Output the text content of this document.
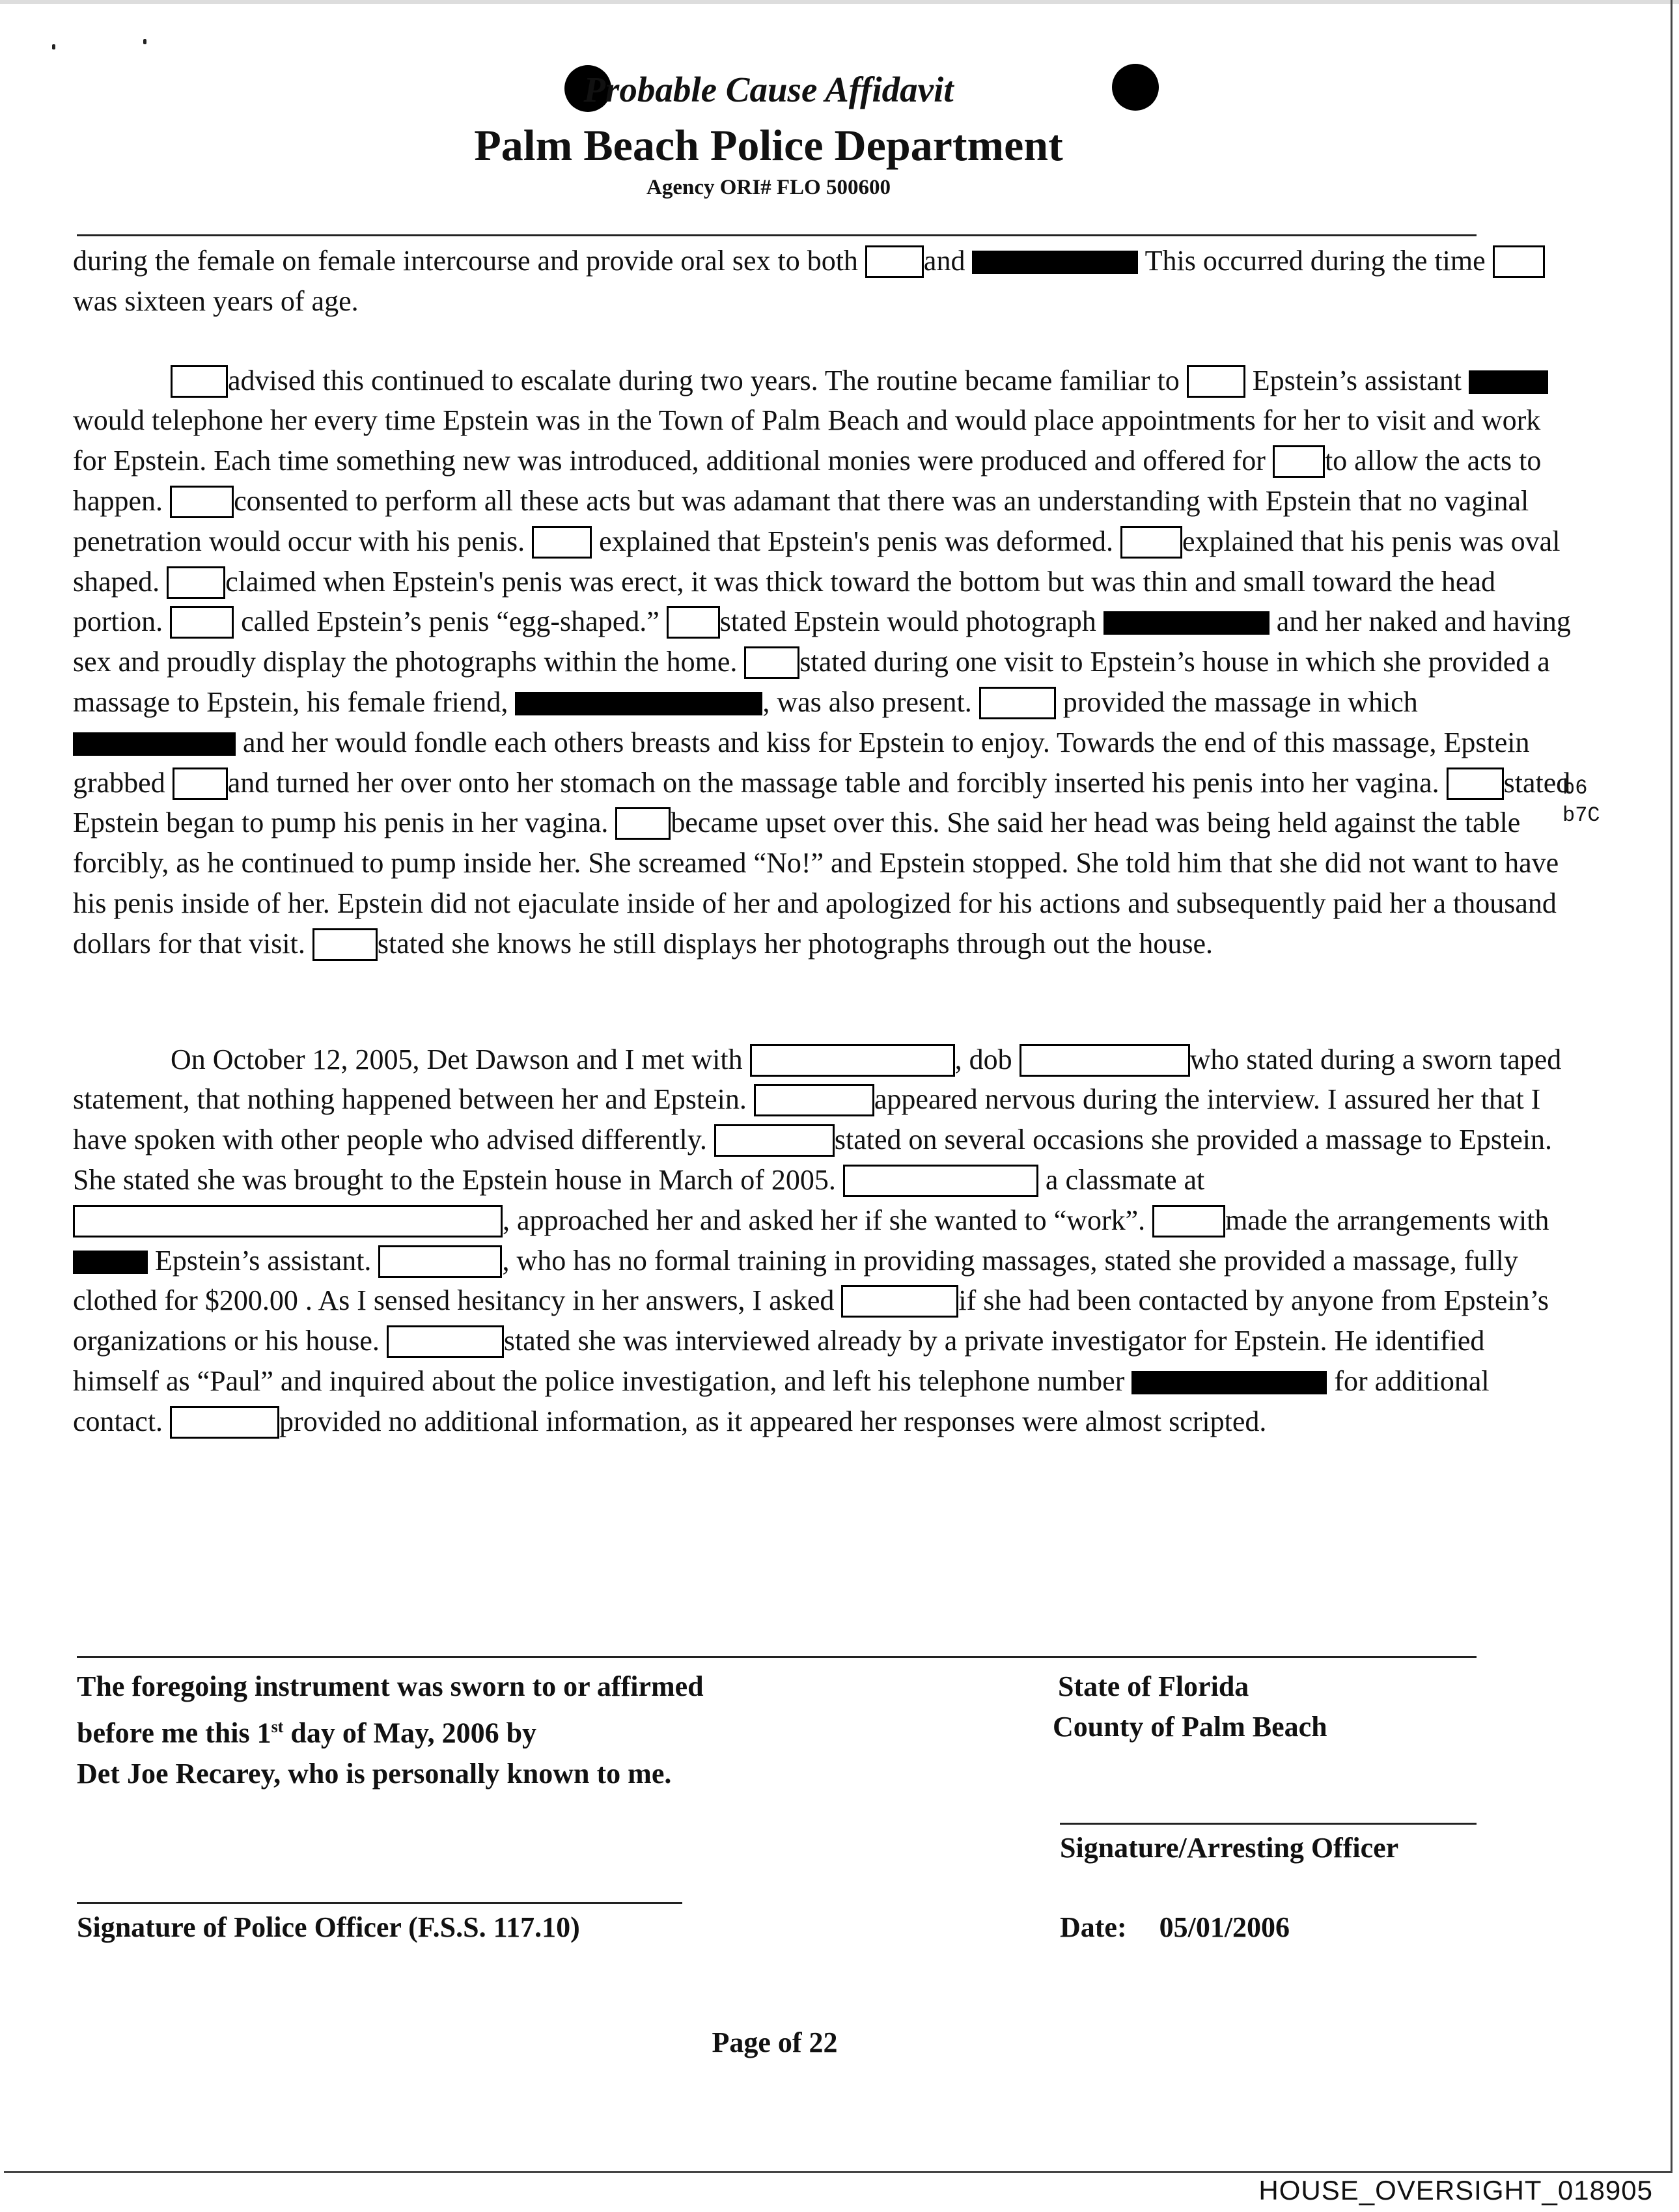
Probable Cause Affidavit
Palm Beach Police Department
Agency ORI# FLO 500600

during the female on female intercourse and provide oral sex to both and	This occurred during the time was sixteen years of age.

advised this continued to escalate during two years. The routine became familiar to  Epstein’s assistant  would telephone her every time Epstein was in the Town of Palm Beach and would place appointments for her to visit and work for Epstein. Each time something new was introduced, additional monies were produced and offered for to allow the acts to happen. consented to perform all these acts but was adamant that there was an understanding with Epstein that no vaginal penetration would occur with his penis.  explained that Epstein's penis was deformed. explained that his penis was oval shaped. claimed when Epstein's penis was erect, it was thick toward the bottom but was thin and small toward the head portion.  called Epstein’s penis “egg-shaped.” stated Epstein would photograph	and her naked and having sex and proudly display the photographs within the home. stated during one visit to Epstein’s house in which she provided a massage to Epstein, his female friend,	, was also present.	provided the massage in which  and her would fondle each others breasts and kiss for Epstein to enjoy. Towards the end of this massage, Epstein grabbed and turned her over onto her stomach on the massage table and forcibly inserted his penis into her vagina. stated Epstein began to pump his penis in her vagina. became upset over this. She said her head was being held against the table forcibly, as he continued to pump inside her. She screamed “No!” and Epstein stopped. She told him that she did not want to have his penis inside of her. Epstein did not ejaculate inside of her and apologized for his actions and subsequently paid her a thousand dollars for that visit. stated she knows he still displays her photographs through out the house.

On October 12, 2005, Det Dawson and I met with	, dob	who stated during a sworn taped statement, that nothing happened between her and Epstein.	appeared nervous during the interview. I assured her that I have spoken with other people who advised differently.	stated on several occasions she provided a massage to Epstein. She stated she was brought to the Epstein house in March of 2005.	a classmate at , approached her and asked her if she wanted to “work”.	made the arrangements with  Epstein’s assistant.	, who has no formal training in providing massages, stated she provided a massage, fully clothed for $200.00 . As I sensed hesitancy in her answers, I asked	if she had been contacted by anyone from Epstein’s organizations or his house.	stated she was interviewed already by a private investigator for Epstein. He identified himself as “Paul” and inquired about the police investigation, and left his telephone number	for additional contact.	provided no additional information, as it appeared her responses were almost scripted.

b6
b7C
The foregoing instrument was sworn to or affirmed
before me this 1st day of May, 2006 by
Det Joe Recarey, who is personally known to me.
State of Florida
County of Palm Beach
Signature/Arresting Officer
Signature of Police Officer (F.S.S. 117.10)	Date: 05/01/2006
Page of 22
HOUSE_OVERSIGHT_018905
